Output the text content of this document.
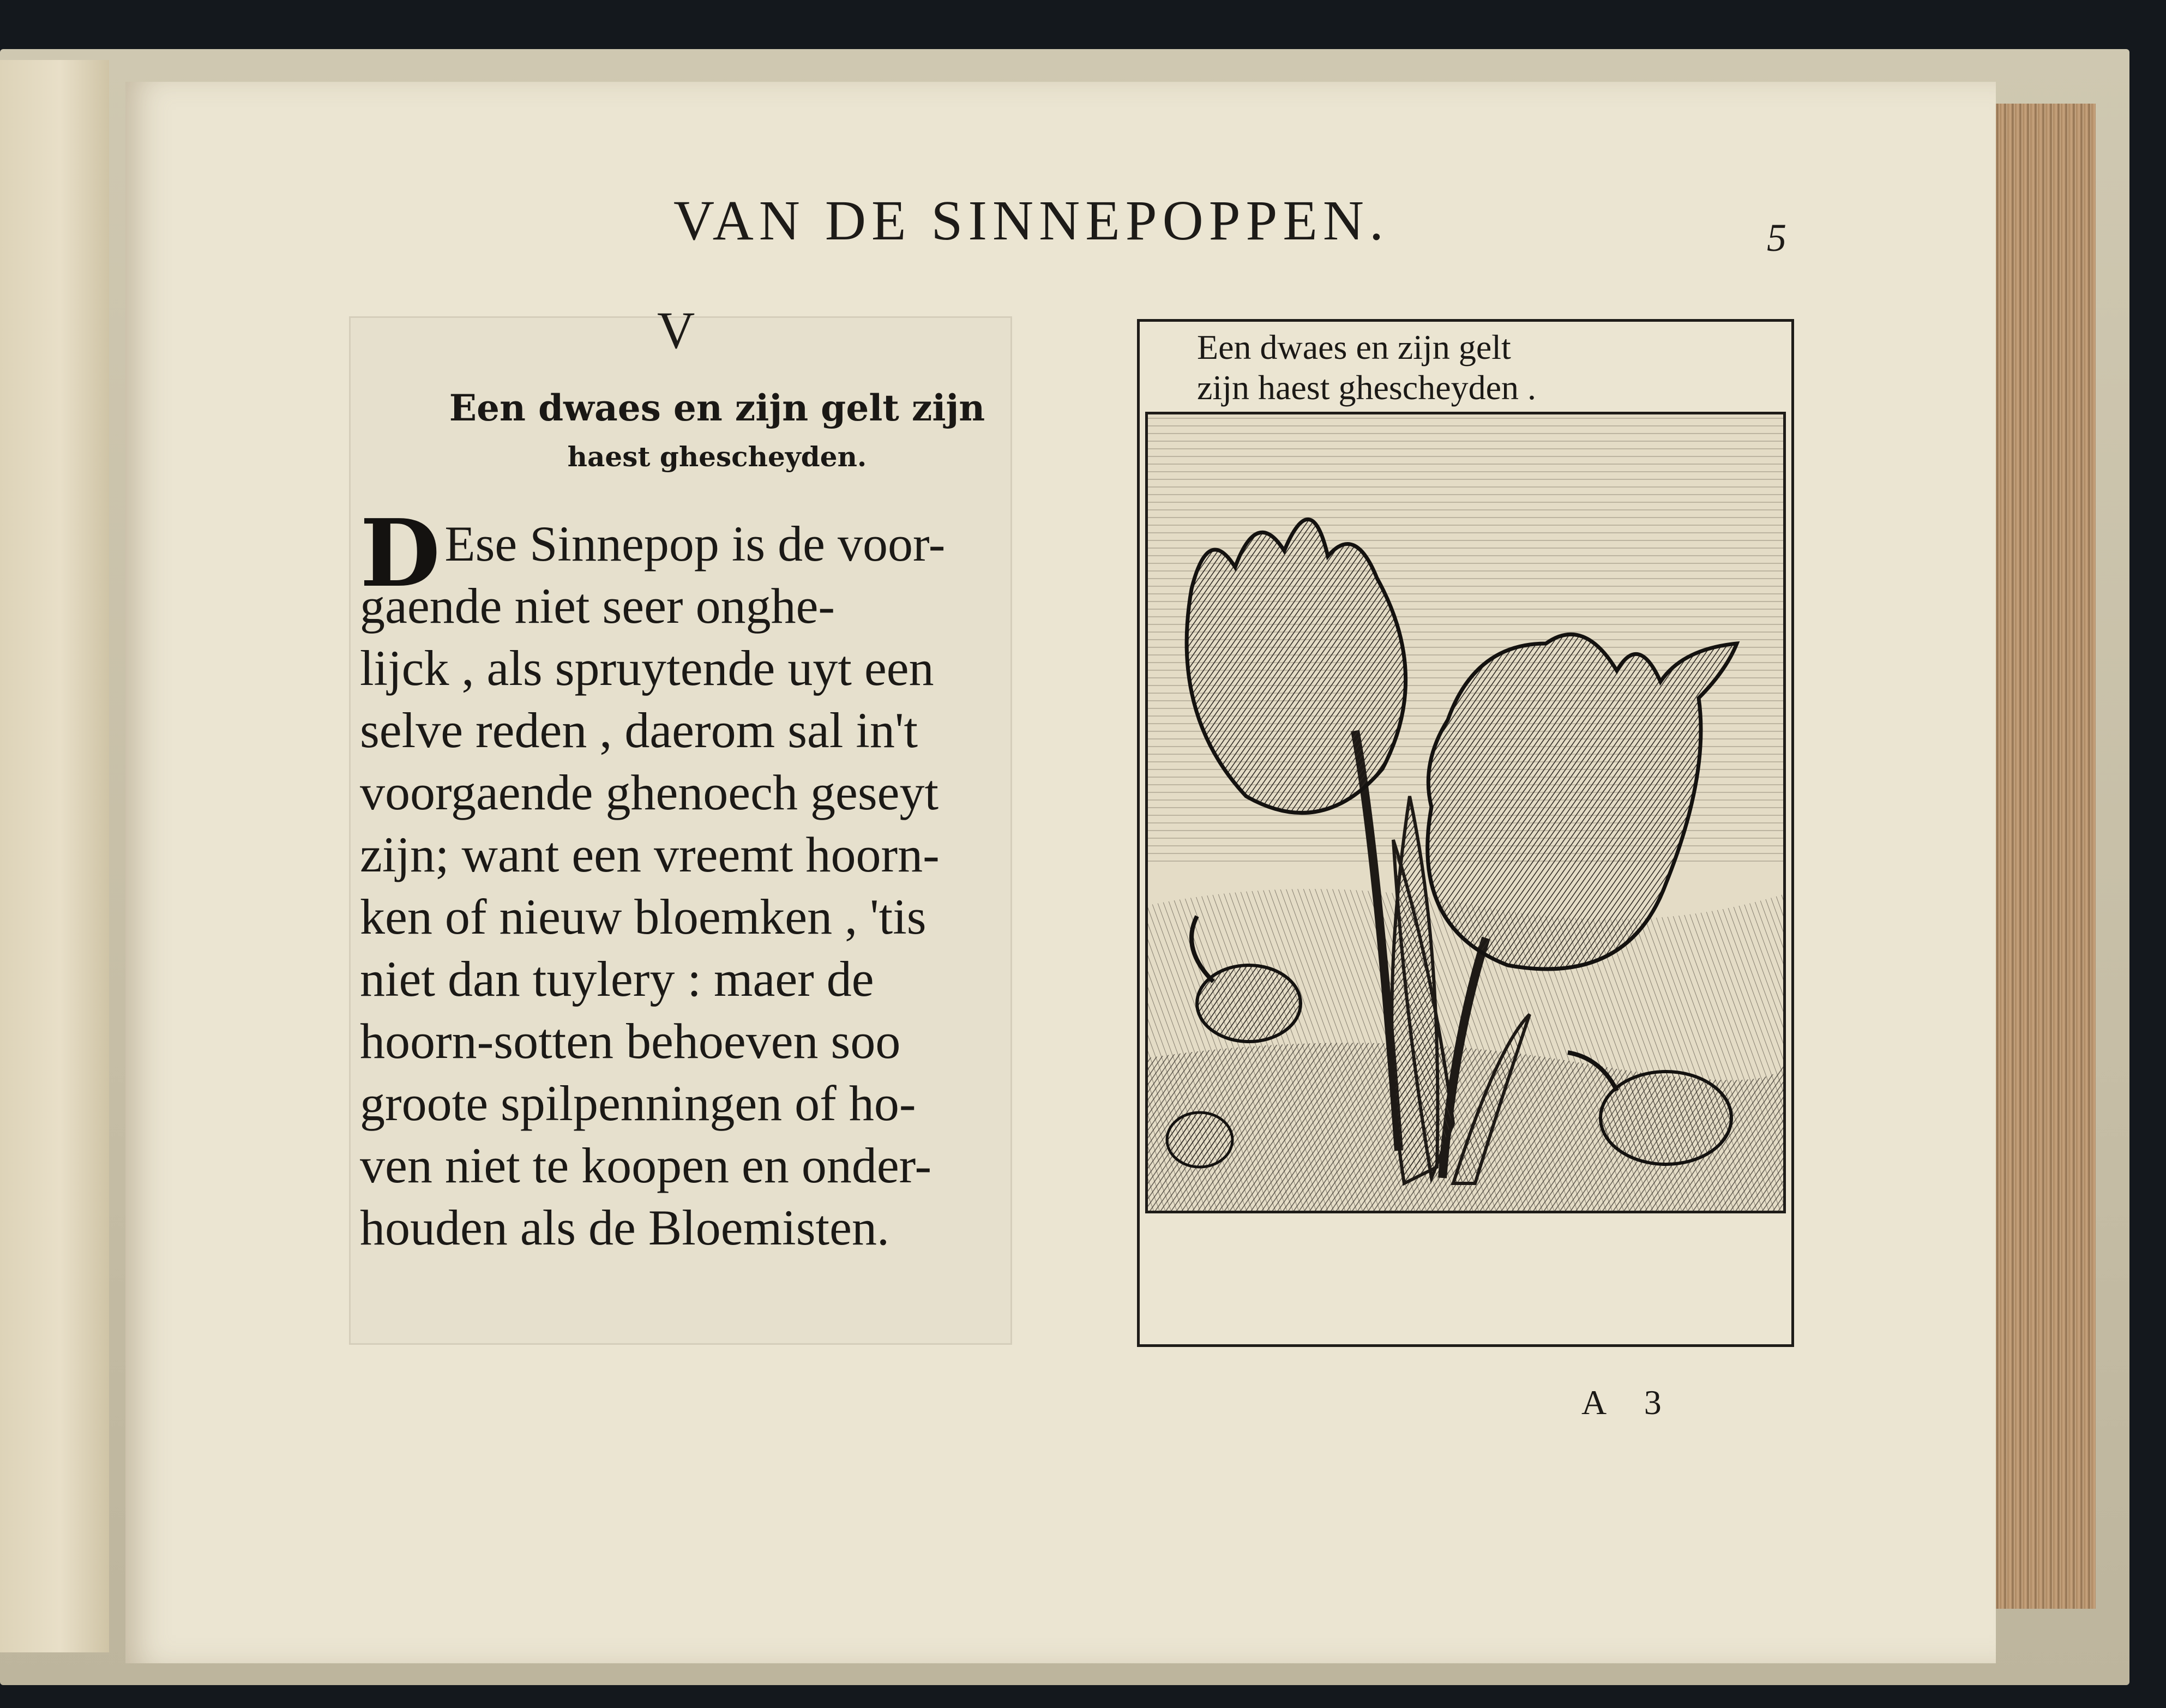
VAN DE SINNEPOPPEN.	5
V
Een dwaes en zijn gelt zijn
haest ghescheyden.
D Ese Sinnepop is de voor-
gaende niet seer onghe-
lijck , als spruytende uyt een
selve reden , daerom sal in't
voorgaende ghenoech geseyt
zijn; want een vreemt hoorn-
ken of nieuw bloemken , 'tis
niet dan tuylery : maer de
hoorn-sotten behoeven soo
groote spilpenningen of ho-
ven niet te koopen en onder-
houden als de Bloemisten.
Een dwaes en zijn gelt
zijn haest ghescheyden .
A 3
